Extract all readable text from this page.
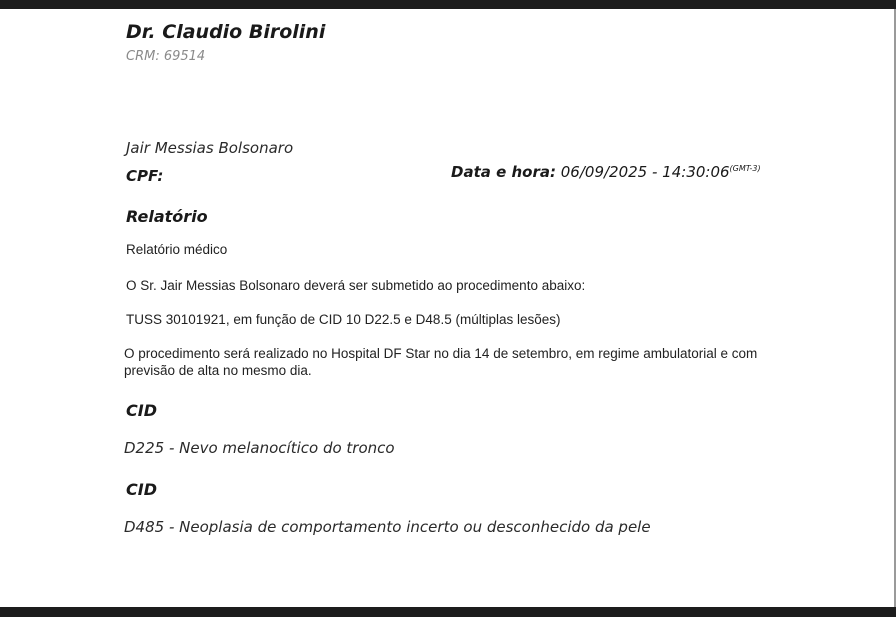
Dr. Claudio Birolini
CRM: 69514
Jair Messias Bolsonaro
CPF:	Data e hora: $06/09/2025 - 14:30:06^{(GMT-3)}$
Relatório
Relatório médico
O Sr. Jair Messias Bolsonaro deverá ser submetido ao procedimento abaixo:
TUSS 30101921, em função de CID 10 D22.5 e D48.5 (múltiplas lesões)
O procedimento será realizado no Hospital DF Star no dia 14 de setembro, em regime ambulatorial e com previsão de alta no mesmo dia.
CID
D225 - Nevo melanocítico do tronco
CID
D485 - Neoplasia de comportamento incerto ou desconhecido da pele
